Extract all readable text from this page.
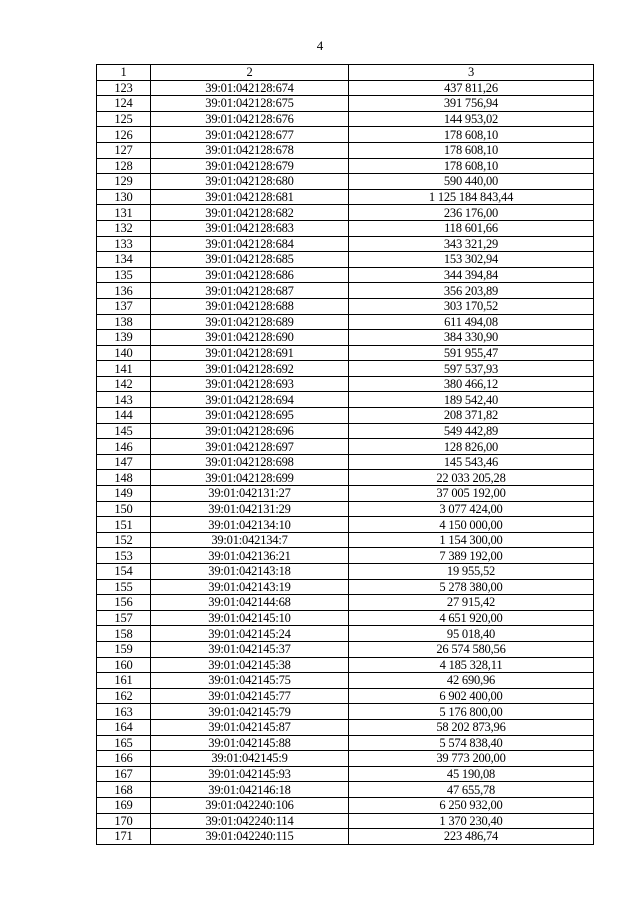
4
1	2	3
123	39:01:042128:674	437 811,26
124	39:01:042128:675	391 756,94
125	39:01:042128:676	144 953,02
126	39:01:042128:677	178 608,10
127	39:01:042128:678	178 608,10
128	39:01:042128:679	178 608,10
129	39:01:042128:680	590 440,00
130	39:01:042128:681	1 125 184 843,44
131	39:01:042128:682	236 176,00
132	39:01:042128:683	118 601,66
133	39:01:042128:684	343 321,29
134	39:01:042128:685	153 302,94
135	39:01:042128:686	344 394,84
136	39:01:042128:687	356 203,89
137	39:01:042128:688	303 170,52
138	39:01:042128:689	611 494,08
139	39:01:042128:690	384 330,90
140	39:01:042128:691	591 955,47
141	39:01:042128:692	597 537,93
142	39:01:042128:693	380 466,12
143	39:01:042128:694	189 542,40
144	39:01:042128:695	208 371,82
145	39:01:042128:696	549 442,89
146	39:01:042128:697	128 826,00
147	39:01:042128:698	145 543,46
148	39:01:042128:699	22 033 205,28
149	39:01:042131:27	37 005 192,00
150	39:01:042131:29	3 077 424,00
151	39:01:042134:10	4 150 000,00
152	39:01:042134:7	1 154 300,00
153	39:01:042136:21	7 389 192,00
154	39:01:042143:18	19 955,52
155	39:01:042143:19	5 278 380,00
156	39:01:042144:68	27 915,42
157	39:01:042145:10	4 651 920,00
158	39:01:042145:24	95 018,40
159	39:01:042145:37	26 574 580,56
160	39:01:042145:38	4 185 328,11
161	39:01:042145:75	42 690,96
162	39:01:042145:77	6 902 400,00
163	39:01:042145:79	5 176 800,00
164	39:01:042145:87	58 202 873,96
165	39:01:042145:88	5 574 838,40
166	39:01:042145:9	39 773 200,00
167	39:01:042145:93	45 190,08
168	39:01:042146:18	47 655,78
169	39:01:042240:106	6 250 932,00
170	39:01:042240:114	1 370 230,40
171	39:01:042240:115	223 486,74
